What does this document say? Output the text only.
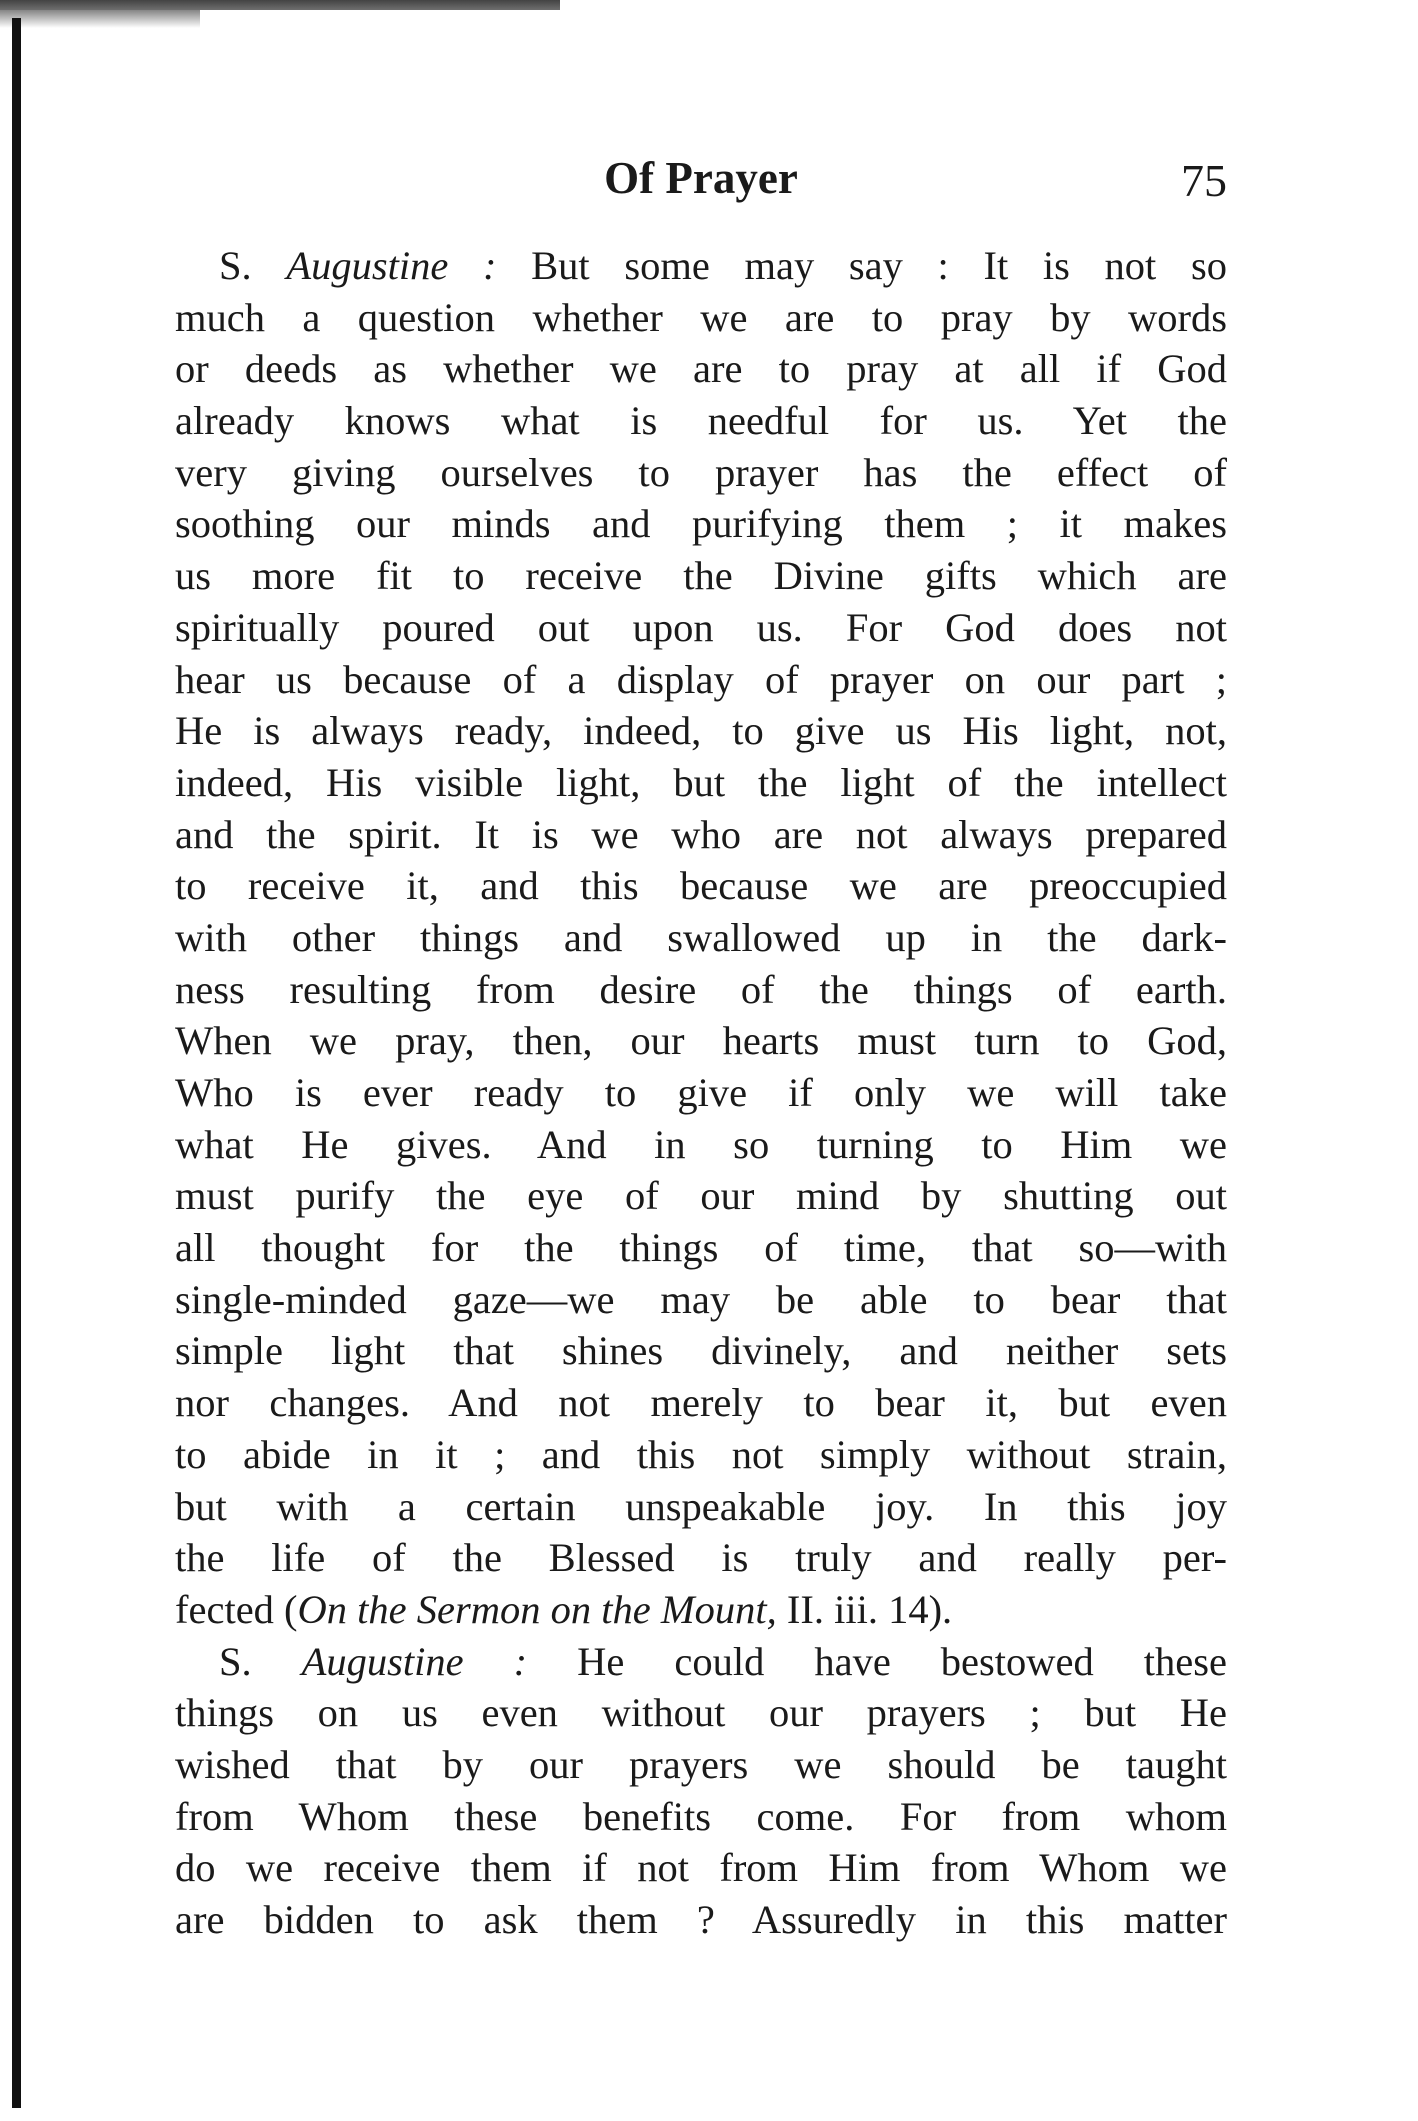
Of Prayer	75
S. Augustine : But some may say : It is not so
much a question whether we are to pray by words
or deeds as whether we are to pray at all if God
already knows what is needful for us. Yet the
very giving ourselves to prayer has the effect of
soothing our minds and purifying them ; it makes
us more fit to receive the Divine gifts which are
spiritually poured out upon us. For God does not
hear us because of a display of prayer on our part ;
He is always ready, indeed, to give us His light, not,
indeed, His visible light, but the light of the intellect
and the spirit. It is we who are not always prepared
to receive it, and this because we are preoccupied
with other things and swallowed up in the dark-
ness resulting from desire of the things of earth.
When we pray, then, our hearts must turn to God,
Who is ever ready to give if only we will take
what He gives. And in so turning to Him we
must purify the eye of our mind by shutting out
all thought for the things of time, that so—with
single-minded gaze—we may be able to bear that
simple light that shines divinely, and neither sets
nor changes. And not merely to bear it, but even
to abide in it ; and this not simply without strain,
but with a certain unspeakable joy. In this joy
the life of the Blessed is truly and really per-
fected (On the Sermon on the Mount, II. iii. 14).
S. Augustine : He could have bestowed these
things on us even without our prayers ; but He
wished that by our prayers we should be taught
from Whom these benefits come. For from whom
do we receive them if not from Him from Whom we
are bidden to ask them ? Assuredly in this matter
